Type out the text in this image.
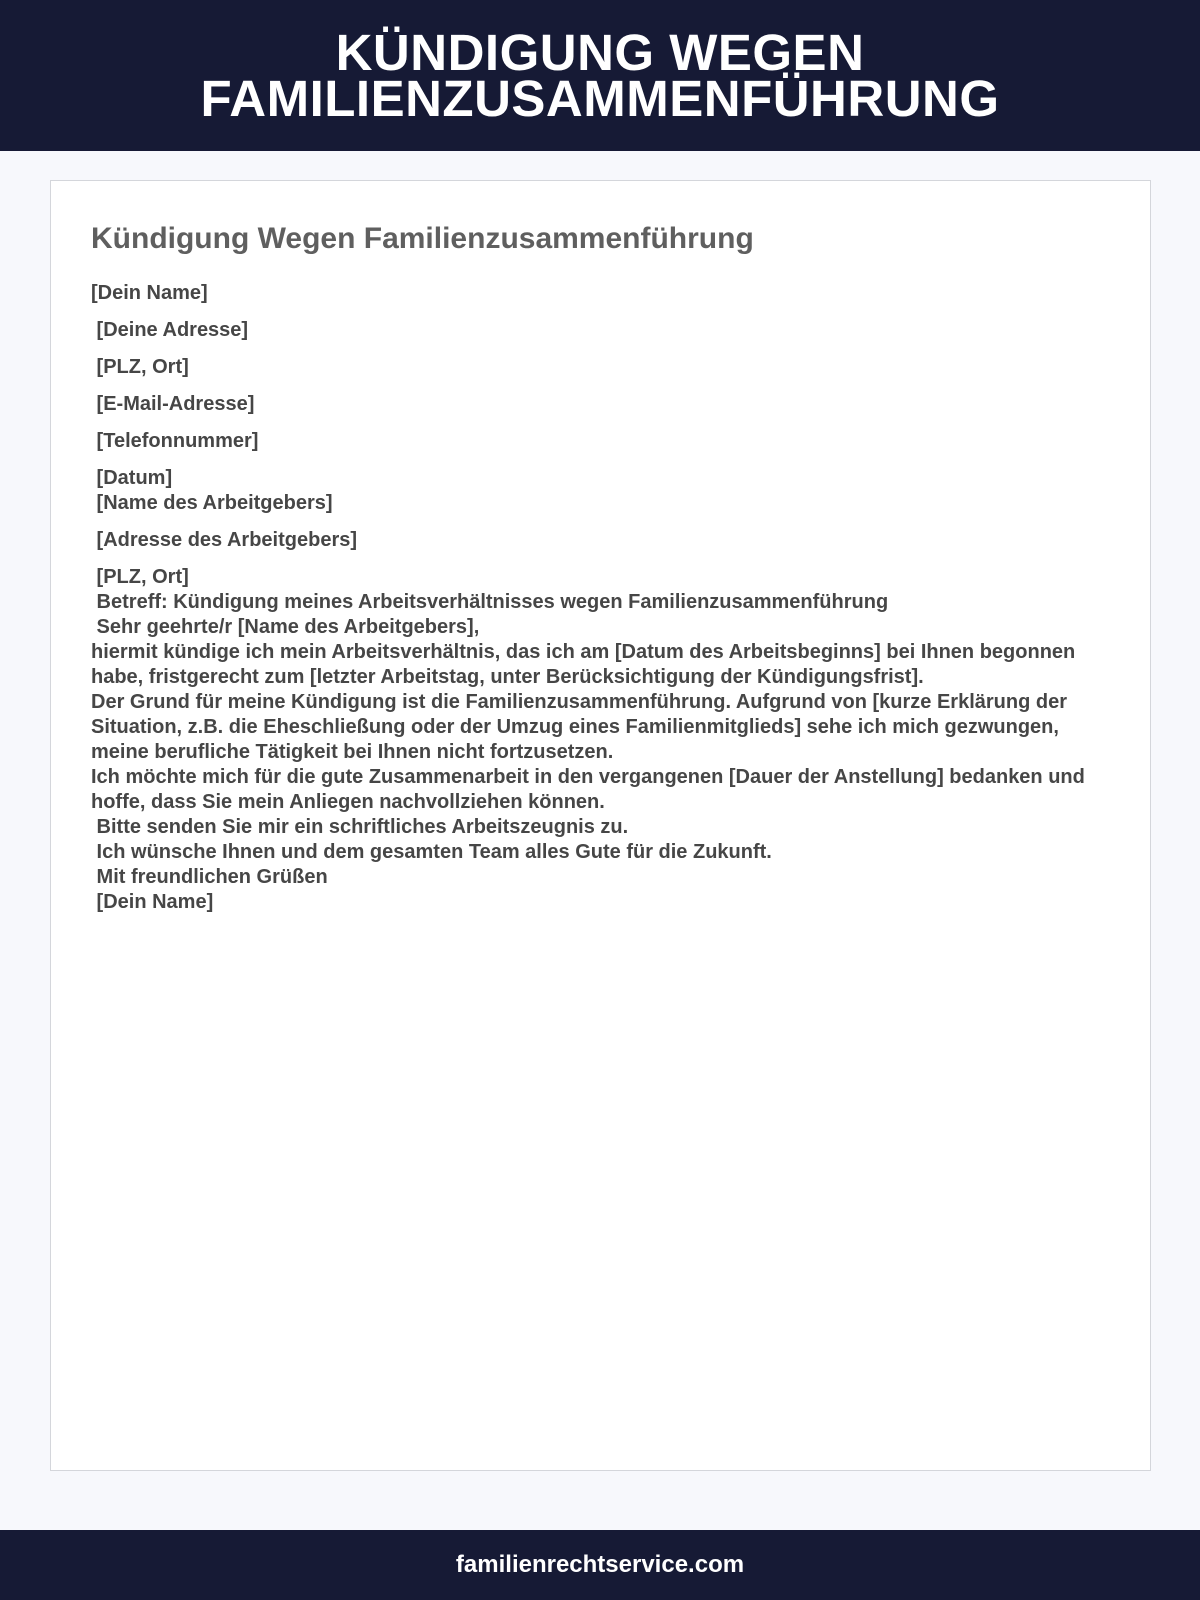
KÜNDIGUNG WEGEN FAMILIENZUSAMMENFÜHRUNG
Kündigung Wegen Familienzusammenführung
[Dein Name]
[Deine Adresse]
[PLZ, Ort]
[E-Mail-Adresse]
[Telefonnummer]
[Datum]
[Name des Arbeitgebers]
[Adresse des Arbeitgebers]
[PLZ, Ort]
Betreff: Kündigung meines Arbeitsverhältnisses wegen Familienzusammenführung
Sehr geehrte/r [Name des Arbeitgebers],
hiermit kündige ich mein Arbeitsverhältnis, das ich am [Datum des Arbeitsbeginns] bei Ihnen begonnen habe, fristgerecht zum [letzter Arbeitstag, unter Berücksichtigung der Kündigungsfrist].
Der Grund für meine Kündigung ist die Familienzusammenführung. Aufgrund von [kurze Erklärung der Situation, z.B. die Eheschließung oder der Umzug eines Familienmitglieds] sehe ich mich gezwungen, meine berufliche Tätigkeit bei Ihnen nicht fortzusetzen.
Ich möchte mich für die gute Zusammenarbeit in den vergangenen [Dauer der Anstellung] bedanken und hoffe, dass Sie mein Anliegen nachvollziehen können.
Bitte senden Sie mir ein schriftliches Arbeitszeugnis zu.
Ich wünsche Ihnen und dem gesamten Team alles Gute für die Zukunft.
Mit freundlichen Grüßen
[Dein Name]
familienrechtservice.com
